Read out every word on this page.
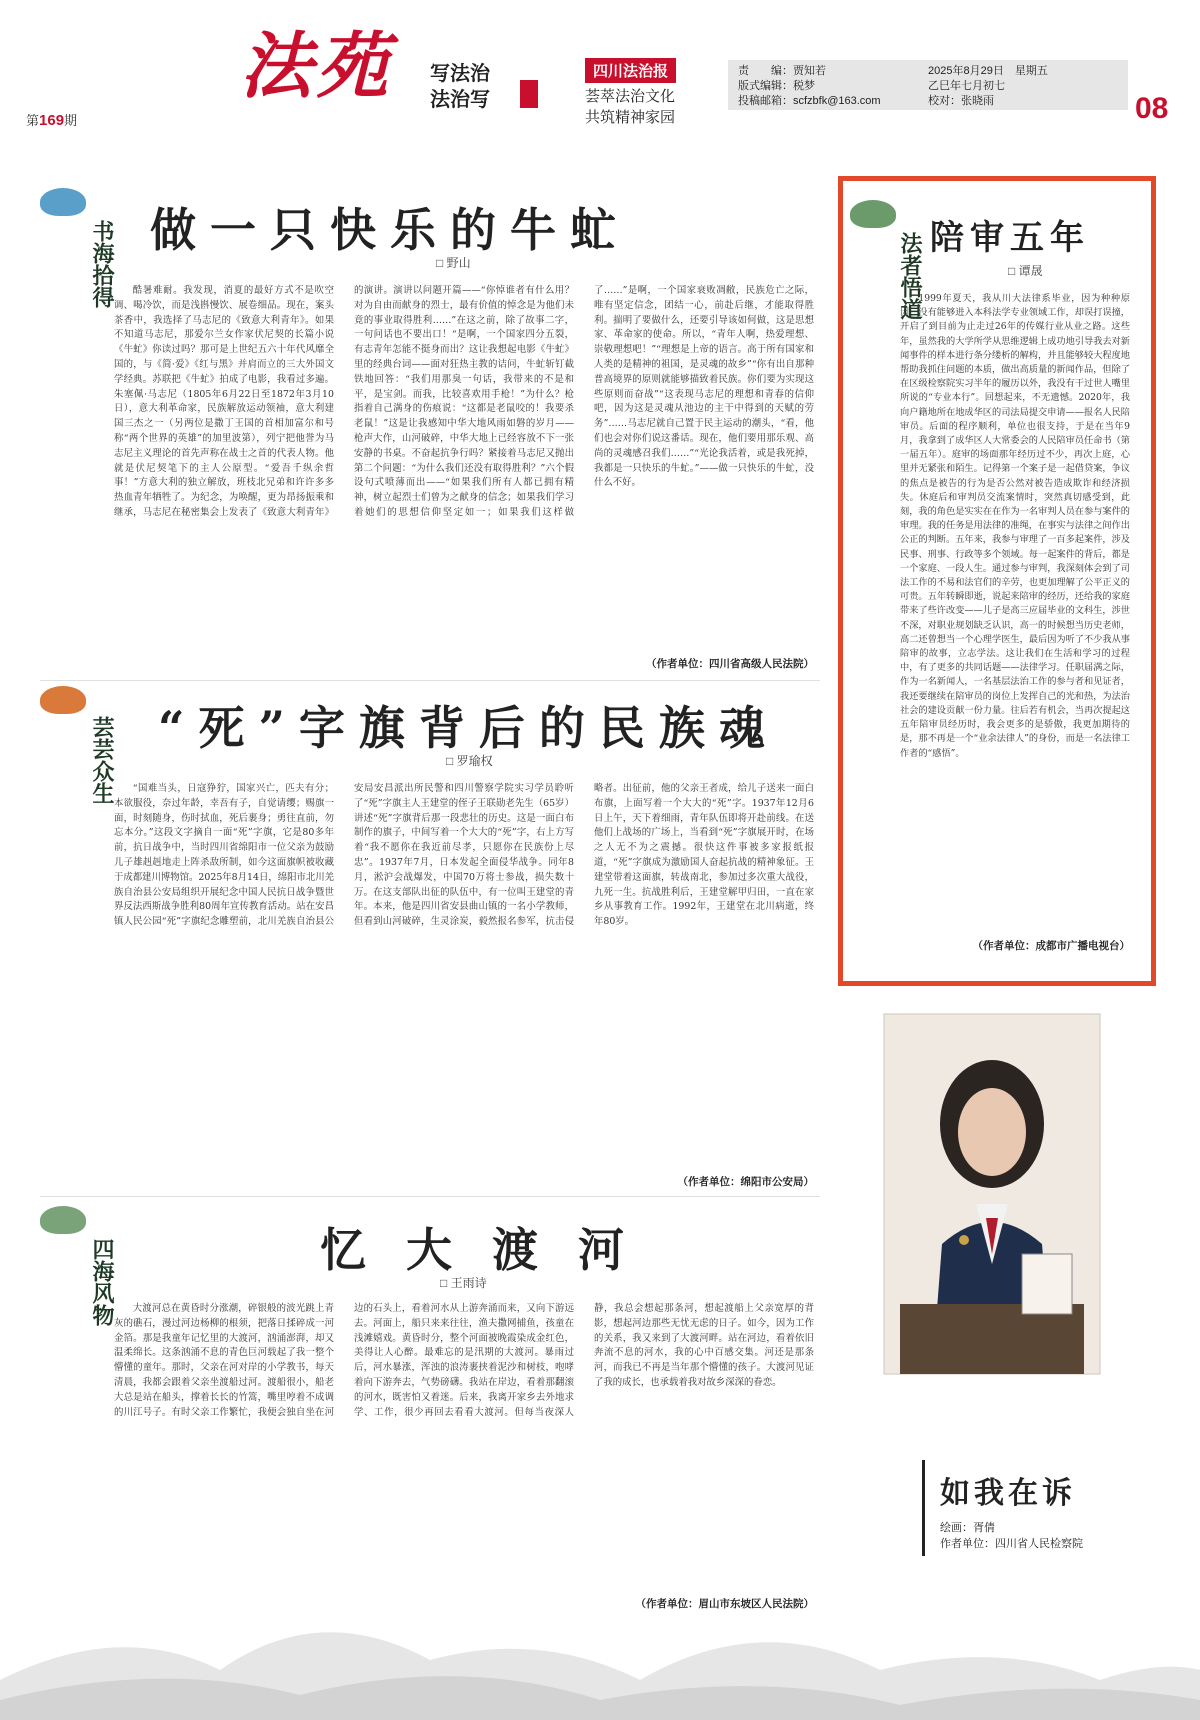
第169期
法苑 写法治
法治写
四川法治报
荟萃法治文化
共筑精神家园
责　　编：贾知若
版式编辑：税梦
投稿邮箱：scfzbfk@163.com
2025年8月29日　星期五
乙巳年七月初七
校对：张晓雨	08
书海拾得 做一只快乐的牛虻
□ 野山

酷暑难耐。我发现，消夏的最好方式不是吹空调、喝冷饮，而是浅斟慢饮、展卷细品。现在，案头茶香中，我选择了马志尼的《致意大利青年》。如果不知道马志尼，那爱尔兰女作家伏尼契的长篇小说《牛虻》你读过吗？那可是上世纪五六十年代风靡全国的，与《简·爱》《红与黑》并肩而立的三大外国文学经典。苏联把《牛虻》拍成了电影，我看过多遍。朱塞佩·马志尼（1805年6月22日至1872年3月10日），意大利革命家，民族解放运动领袖，意大利建国三杰之一（另两位是撒丁王国的首相加富尔和号称“两个世界的英雄”的加里波第），列宁把他誉为马志尼主义理论的首先声称在战士之首的代表人物。他就是伏尼契笔下的主人公原型。“爱吾千纵余哲事！”方意大利的独立解放，班枝北兄弟和许许多多热血青年牺牲了。为纪念，为唤醒，更为昂扬振乘和继承，马志尼在秘密集会上发表了《致意大利青年》的演讲。演讲以问题开篇——“你悼谁者有什么用？对为自由而献身的烈士，最有价值的悼念是为他们未竟的事业取得胜利……”在这之前，除了故事二字，一句问话也不要出口！“是啊，一个国家四分五裂，有志青年怎能不挺身而出？这让我想起电影《牛虻》里的经典台词——面对狂热主教的诘问，牛虻斩钉截铁地回答：“我们用那臭一句话，我带来的不是和平，是宝剑。而我，比较喜欢用手枪！”为什么？枪指着自己满身的伤痕说：“这都是老鼠咬的！我要杀老鼠！”这是让我感知中华大地风雨如磐的岁月——枪声大作，山河破碎，中华大地上已经容放不下一张安静的书桌。不奋起抗争行吗？紧接着马志尼又抛出第二个问题：“为什么我们还没有取得胜利？”六个假设句式喷薄而出——“如果我们所有人都已拥有精神，树立起烈士们曾为之献身的信念；如果我们学习着她们的思想信仰坚定如一；如果我们这样做了……”是啊，一个国家衰败凋敝，民族危亡之际，唯有坚定信念，团结一心，前赴后继，才能取得胜利。揣明了要做什么，还要引导该如何做，这是思想家、革命家的使命。所以，“青年人啊，热爱理想、崇敬理想吧！”“理想是上帝的语言。高于所有国家和人类的是精神的祖国，是灵魂的故乡”“你有出自那种普高境界的原则就能够描致着民族。你们要为实现这些原则而奋战”“这表现马志尼的理想和青春的信仰吧，因为这是灵魂从池边的主干中得到的天赋的劳务”……马志尼就自己置于民主运动的潮头，“看，他们也会对你们说这番话。现在，他们要用那乐观、高尚的灵魂感召我们……”“光论我活着，或是我死掉，我都是一只快乐的牛虻。”——做一只快乐的牛虻，没什么不好。

（作者单位：四川省高级人民法院）
芸芸众生 “死”字旗背后的民族魂
□ 罗瑜权

“国难当头，日寇狰狞，国家兴亡，匹夫有分；本欲服役，奈过年龄，幸吾有子，自觉请缨；赐旗一面，时刻随身，伤时拭血，死后裹身；勇往直前，勿忘本分。”这段文字摘自一面“死”字旗，它是80多年前，抗日战争中，当时四川省绵阳市一位父亲为鼓励儿子雄赳赳地走上阵杀敌所制，如今这面旗帜被收藏于成都建川博物馆。2025年8月14日，绵阳市北川羌族自治县公安局组织开展纪念中国人民抗日战争暨世界反法西斯战争胜利80周年宣传教育活动。站在安昌镇人民公园“死”字旗纪念雕塑前，北川羌族自治县公安局安昌派出所民警和四川警察学院实习学员聆听了“死”字旗主人王建堂的侄子王联勋老先生（65岁）讲述“死”字旗背后那一段悲壮的历史。这是一面白布制作的旗子，中间写着一个大大的“死”字，右上方写着“我不愿你在我近前尽孝，只愿你在民族份上尽忠”。1937年7月，日本发起全面侵华战争。同年8月，淞沪会战爆发，中国70万将士参战，损失数十万。在这支部队出征的队伍中，有一位叫王建堂的青年。本来，他是四川省安县曲山镇的一名小学教师，但看到山河破碎，生灵涂炭，毅然报名参军，抗击侵略者。出征前，他的父亲王者成，给儿子送来一面白布旗，上面写着一个大大的“死”字。1937年12月6日上午，天下着细雨，青年队伍即将开赴前线。在送他们上战场的广场上，当看到“死”字旗展开时，在场之人无不为之震撼。很快这件事被多家报纸报道，“死”字旗成为激励国人奋起抗战的精神象征。王建堂带着这面旗，转战南北，参加过多次重大战役，九死一生。抗战胜利后，王建堂解甲归田，一直在家乡从事教育工作。1992年，王建堂在北川病逝，终年80岁。

（作者单位：绵阳市公安局）
四海风物	忆大渡河
□ 王雨诗

大渡河总在黄昏时分涨潮，碎银般的波光跳上青灰的礁石，漫过河边杨柳的根须，把落日揉碎成一河金箔。那是我童年记忆里的大渡河，汹涌澎湃，却又温柔绵长。这条汹涌不息的青色巨河载起了我一整个懵懂的童年。那时，父亲在河对岸的小学教书，每天清晨，我都会跟着父亲坐渡船过河。渡船很小，船老大总是站在船头，撑着长长的竹篙，嘴里哼着不成调的川江号子。有时父亲工作繁忙，我便会独自坐在河边的石头上，看着河水从上游奔涌而来，又向下游远去。河面上，船只来来往往，渔夫撒网捕鱼，孩童在浅滩嬉戏。黄昏时分，整个河面被晚霞染成金红色，美得让人心醉。最难忘的是汛期的大渡河。暴雨过后，河水暴涨，浑浊的浪涛裹挟着泥沙和树枝，咆哮着向下游奔去，气势磅礴。我站在岸边，看着那翻滚的河水，既害怕又着迷。后来，我离开家乡去外地求学、工作，很少再回去看看大渡河。但每当夜深人静，我总会想起那条河，想起渡船上父亲宽厚的背影，想起河边那些无忧无虑的日子。如今，因为工作的关系，我又来到了大渡河畔。站在河边，看着依旧奔流不息的河水，我的心中百感交集。河还是那条河，而我已不再是当年那个懵懂的孩子。大渡河见证了我的成长，也承载着我对故乡深深的眷恋。

（作者单位：眉山市东坡区人民法院）
法者悟道 陪审五年
□ 谭晟

1999年夏天，我从川大法律系毕业，因为种种原因，没有能够进入本科法学专业领域工作，却误打误撞，开启了到目前为止走过26年的传媒行业从业之路。这些年，虽然我的大学所学从思维逻辑上成功地引导我去对新闻事件的样本进行条分缕析的解构，并且能够较大程度地帮助我抓住问题的本质，做出高质量的新闻作品，但除了在区级检察院实习半年的履历以外，我没有干过世人嘴里所说的“专业本行”。回想起来，不无遗憾。2020年，我向户籍地所在地成华区的司法局提交申请——报名人民陪审员。后面的程序顺利，单位也很支持，于是在当年9月，我拿到了成华区人大常委会的人民陪审员任命书（第一届五年）。庭审的场面那年经历过不少，再次上庭，心里并无紧张和陌生。记得第一个案子是一起借贷案，争议的焦点是被告的行为是否公然对被告造成欺诈和经济损失。休庭后和审判员交流案情时，突然真切感受到，此刻，我的角色是实实在在作为一名审判人员在参与案件的审理。我的任务是用法律的准绳，在事实与法律之间作出公正的判断。五年来，我参与审理了一百多起案件，涉及民事、刑事、行政等多个领域。每一起案件的背后，都是一个家庭、一段人生。通过参与审判，我深刻体会到了司法工作的不易和法官们的辛劳，也更加理解了公平正义的可贵。五年转瞬即逝，说起来陪审的经历，还给我的家庭带来了些许改变——儿子是高三应届毕业的文科生，涉世不深，对职业规划缺乏认识，高一的时候想当历史老师，高二还曾想当一个心理学医生，最后因为听了不少我从事陪审的故事，立志学法。这让我们在生活和学习的过程中，有了更多的共同话题——法律学习。任职届满之际，作为一名新闻人，一名基层法治工作的参与者和见证者，我还要继续在陪审员的岗位上发挥自己的光和热，为法治社会的建设贡献一份力量。往后若有机会，当再次提起这五年陪审员经历时，我会更多的是骄傲，我更加期待的是，那不再是一个“业余法律人”的身份，而是一名法律工作者的“感悟”。

（作者单位：成都市广播电视台）
如我在诉
绘画：胥倩
作者单位：四川省人民检察院
